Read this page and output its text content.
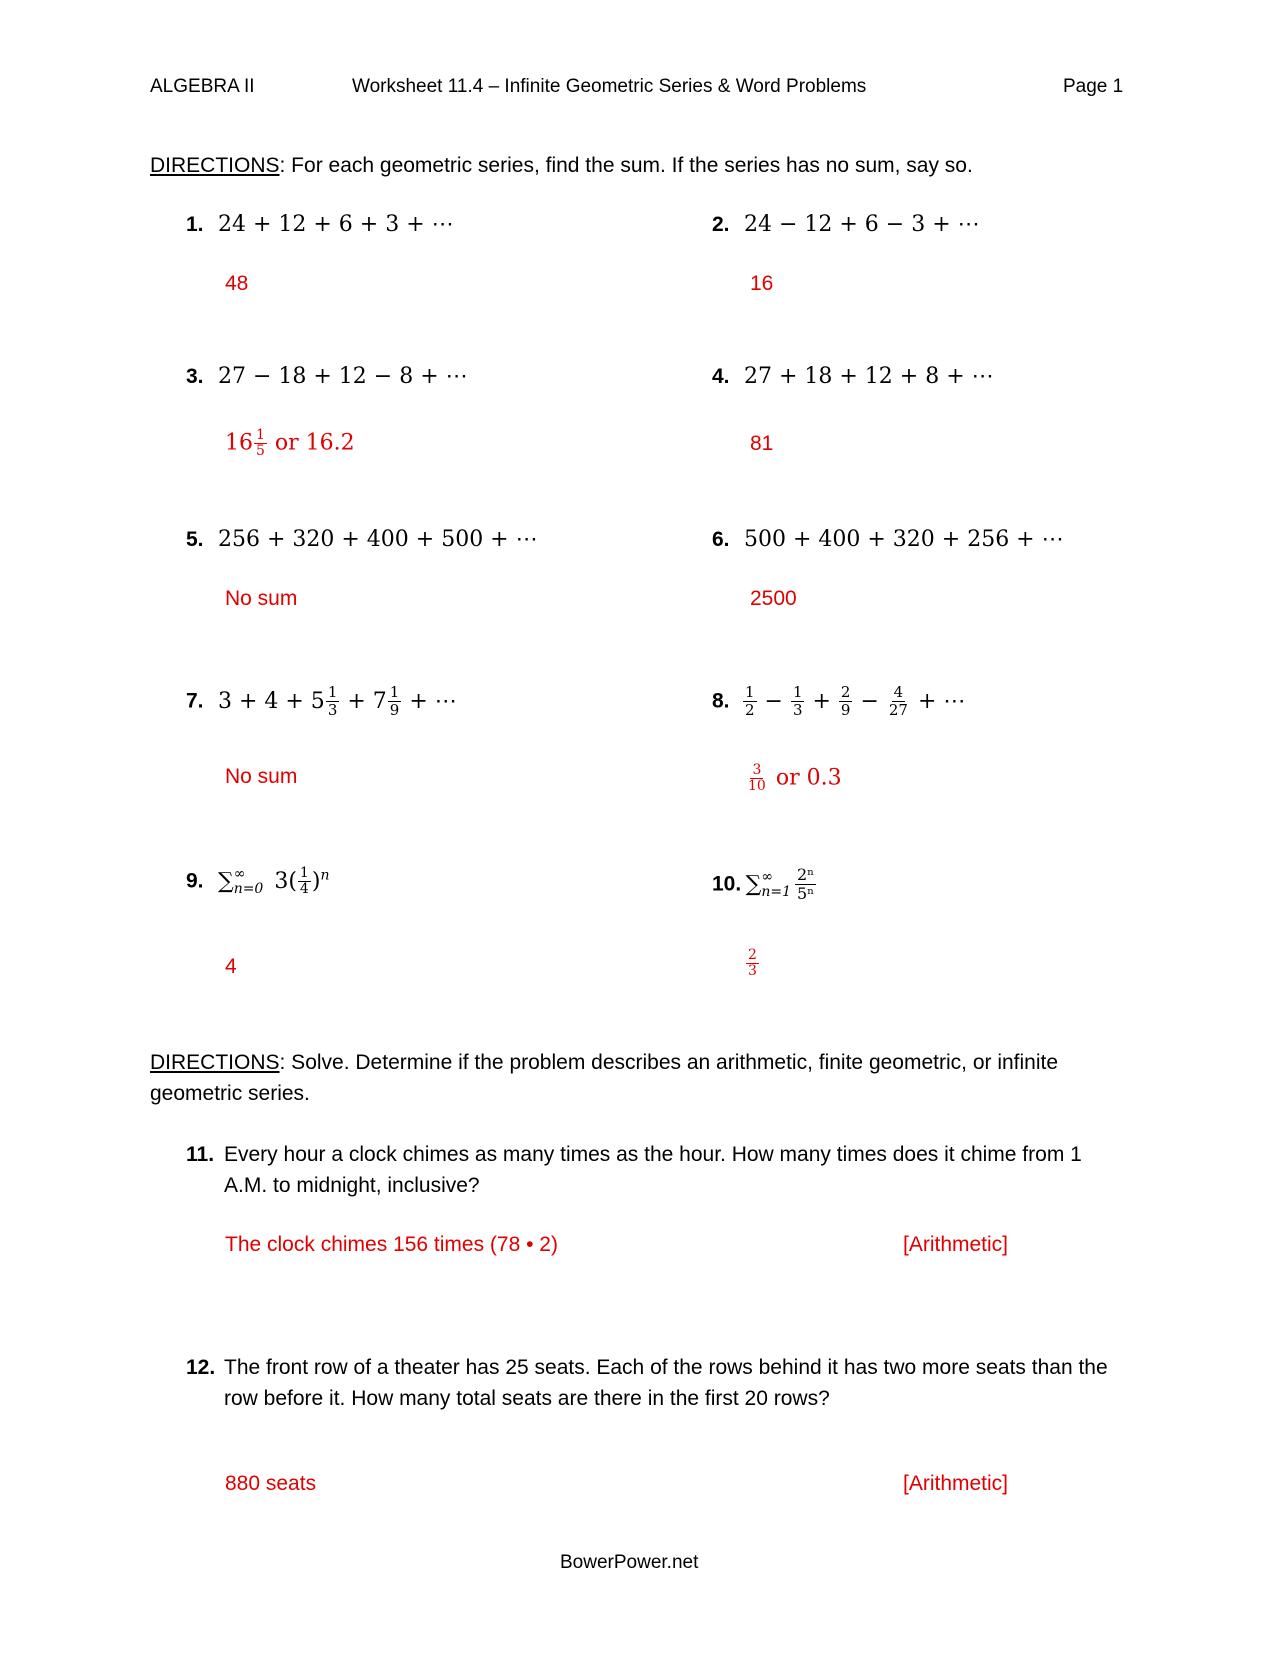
ALGEBRA II	Worksheet 11.4 – Infinite Geometric Series & Word Problems	Page 1
DIRECTIONS: For each geometric series, find the sum. If the series has no sum, say so.
1. 24 + 12 + 6 + 3 + ⋯
48
2. 24 − 12 + 6 − 3 + ⋯
16
3. 27 − 18 + 12 − 8 + ⋯
$16 \frac{1}{5}$ or 16.2
4. 27 + 18 + 12 + 8 + ⋯
81
5. 256 + 320 + 400 + 500 + ⋯
No sum
6. 500 + 400 + 320 + 256 + ⋯
2500
7. $3 + 4 + 5 \frac{1}{3} + 7 \frac{1}{9}$ + ⋯
No sum
8. $\frac{1}{2} - \frac{1}{3} + \frac{2}{9} - \frac{4}{27}$ + ⋯
$\frac{3}{10}$ or 0.3
9. ∑ ∞
n=0 $3( \frac{1}{4} )^n$
4
10. ∑ ∞
$n=1 \frac{\text{2ⁿ}}{\text{5ⁿ}}$
$\frac{2}{3}$
DIRECTIONS: Solve. Determine if the problem describes an arithmetic, finite geometric, or infinite geometric series.
11. Every hour a clock chimes as many times as the hour. How many times does it chime from 1 A.M. to midnight, inclusive?
The clock chimes 156 times (78 • 2)	[Arithmetic]
12. The front row of a theater has 25 seats. Each of the rows behind it has two more seats than the row before it. How many total seats are there in the first 20 rows?
880 seats	[Arithmetic]
BowerPower.net
